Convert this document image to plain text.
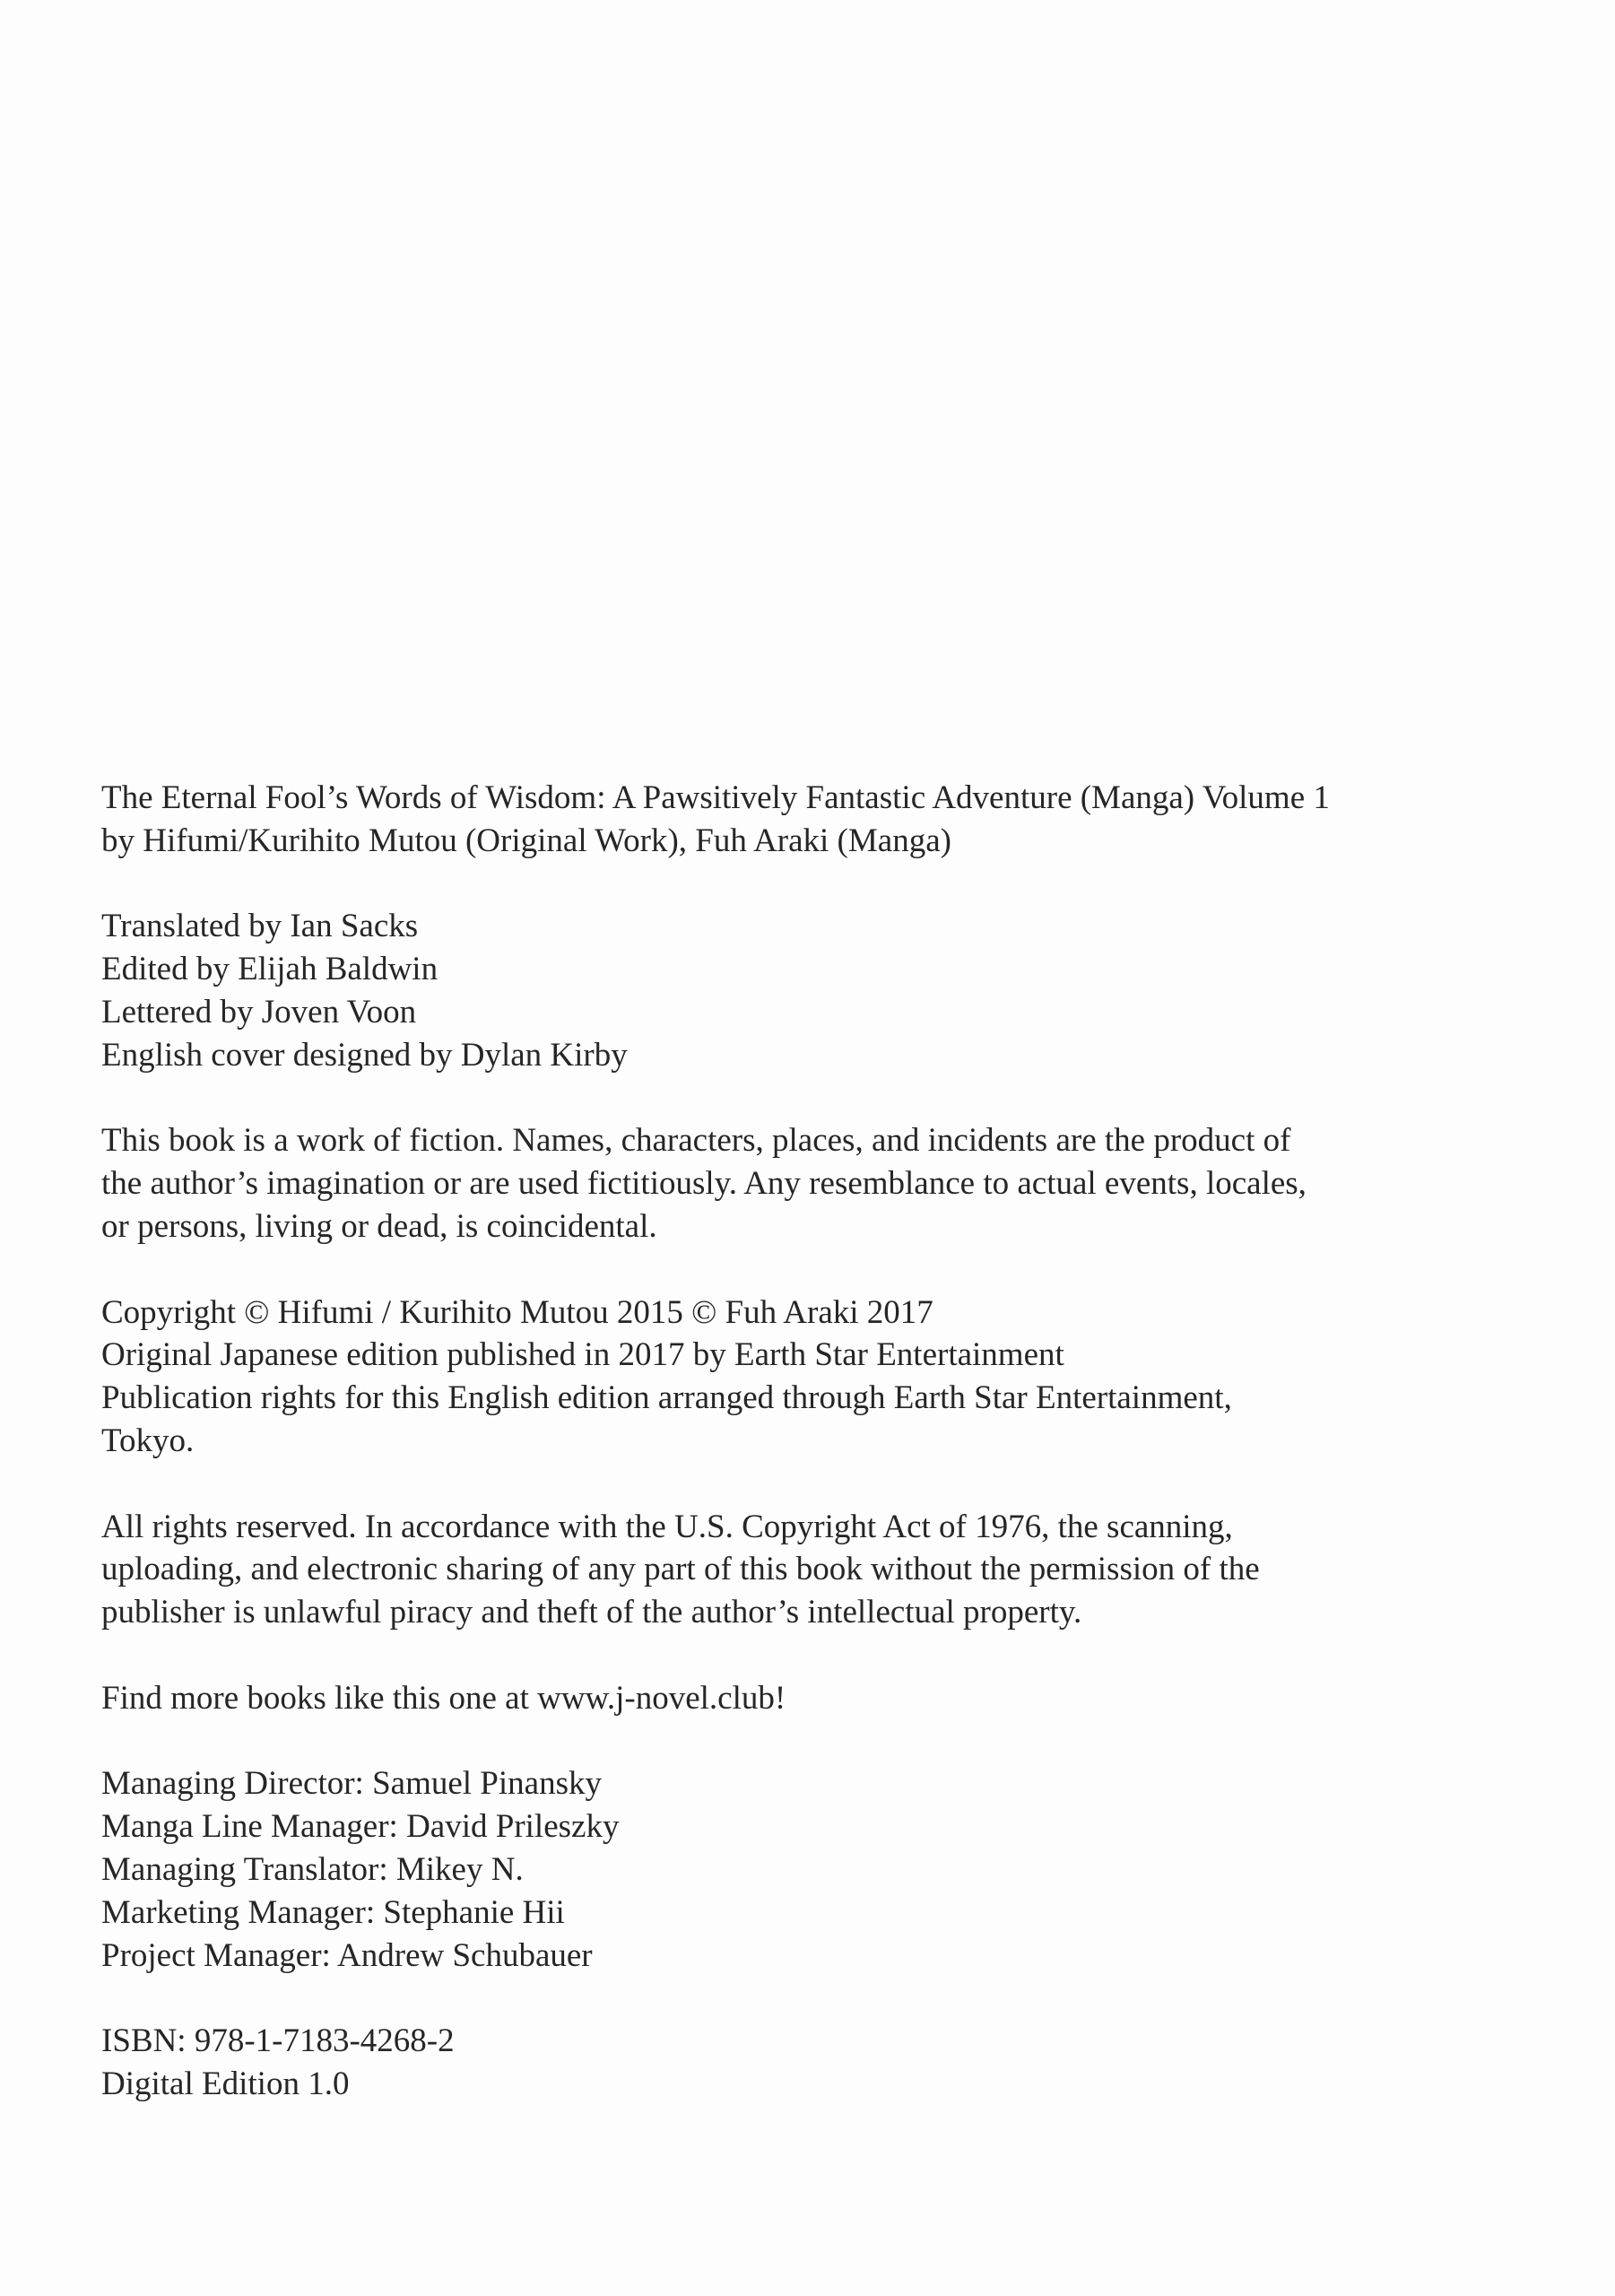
The Eternal Fool’s Words of Wisdom: A Pawsitively Fantastic Adventure (Manga) Volume 1
by Hifumi/Kurihito Mutou (Original Work), Fuh Araki (Manga)
Translated by Ian Sacks
Edited by Elijah Baldwin
Lettered by Joven Voon
English cover designed by Dylan Kirby
This book is a work of fiction. Names, characters, places, and incidents are the product of
the author’s imagination or are used fictitiously. Any resemblance to actual events, locales,
or persons, living or dead, is coincidental.
Copyright © Hifumi / Kurihito Mutou 2015 © Fuh Araki 2017
Original Japanese edition published in 2017 by Earth Star Entertainment
Publication rights for this English edition arranged through Earth Star Entertainment,
Tokyo.
All rights reserved. In accordance with the U.S. Copyright Act of 1976, the scanning,
uploading, and electronic sharing of any part of this book without the permission of the
publisher is unlawful piracy and theft of the author’s intellectual property.
Find more books like this one at www.j-novel.club!
Managing Director: Samuel Pinansky
Manga Line Manager: David Prileszky
Managing Translator: Mikey N.
Marketing Manager: Stephanie Hii
Project Manager: Andrew Schubauer
ISBN: 978-1-7183-4268-2
Digital Edition 1.0
